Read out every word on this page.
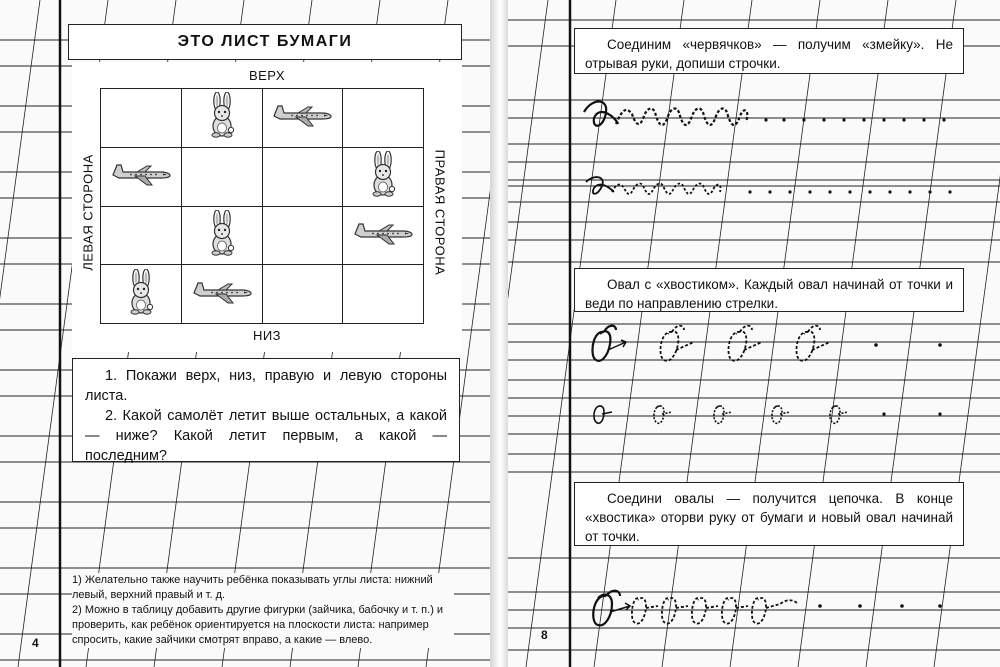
ЭТО ЛИСТ БУМАГИ
ВЕРХ
НИЗ
ЛЕВАЯ СТОРОНА	ПРАВАЯ СТОРОНА

1. Покажи верх, низ, правую и левую стороны листа.

2. Какой самолёт летит выше остальных, а какой — ниже? Какой летит первым, а какой — последним?

1) Желательно также научить ребёнка показывать углы листа: нижний левый, верхний правый и т. д.

2) Можно в таблицу добавить другие фигурки (зайчика, бабочку и т. п.) и проверить, как ребёнок ориентируется на плоскости листа: например спросить, какие зайчики смотрят вправо, а какие — влево.

4

Соединим «червячков» — получим «змейку». Не отрывая руки, допиши строчки.

Овал с «хвостиком». Каждый овал начинай от точки и веди по направлению стрелки.

Соедини овалы — получится цепочка. В конце «хвостика» оторви руку от бумаги и новый овал начинай от точки.

8
